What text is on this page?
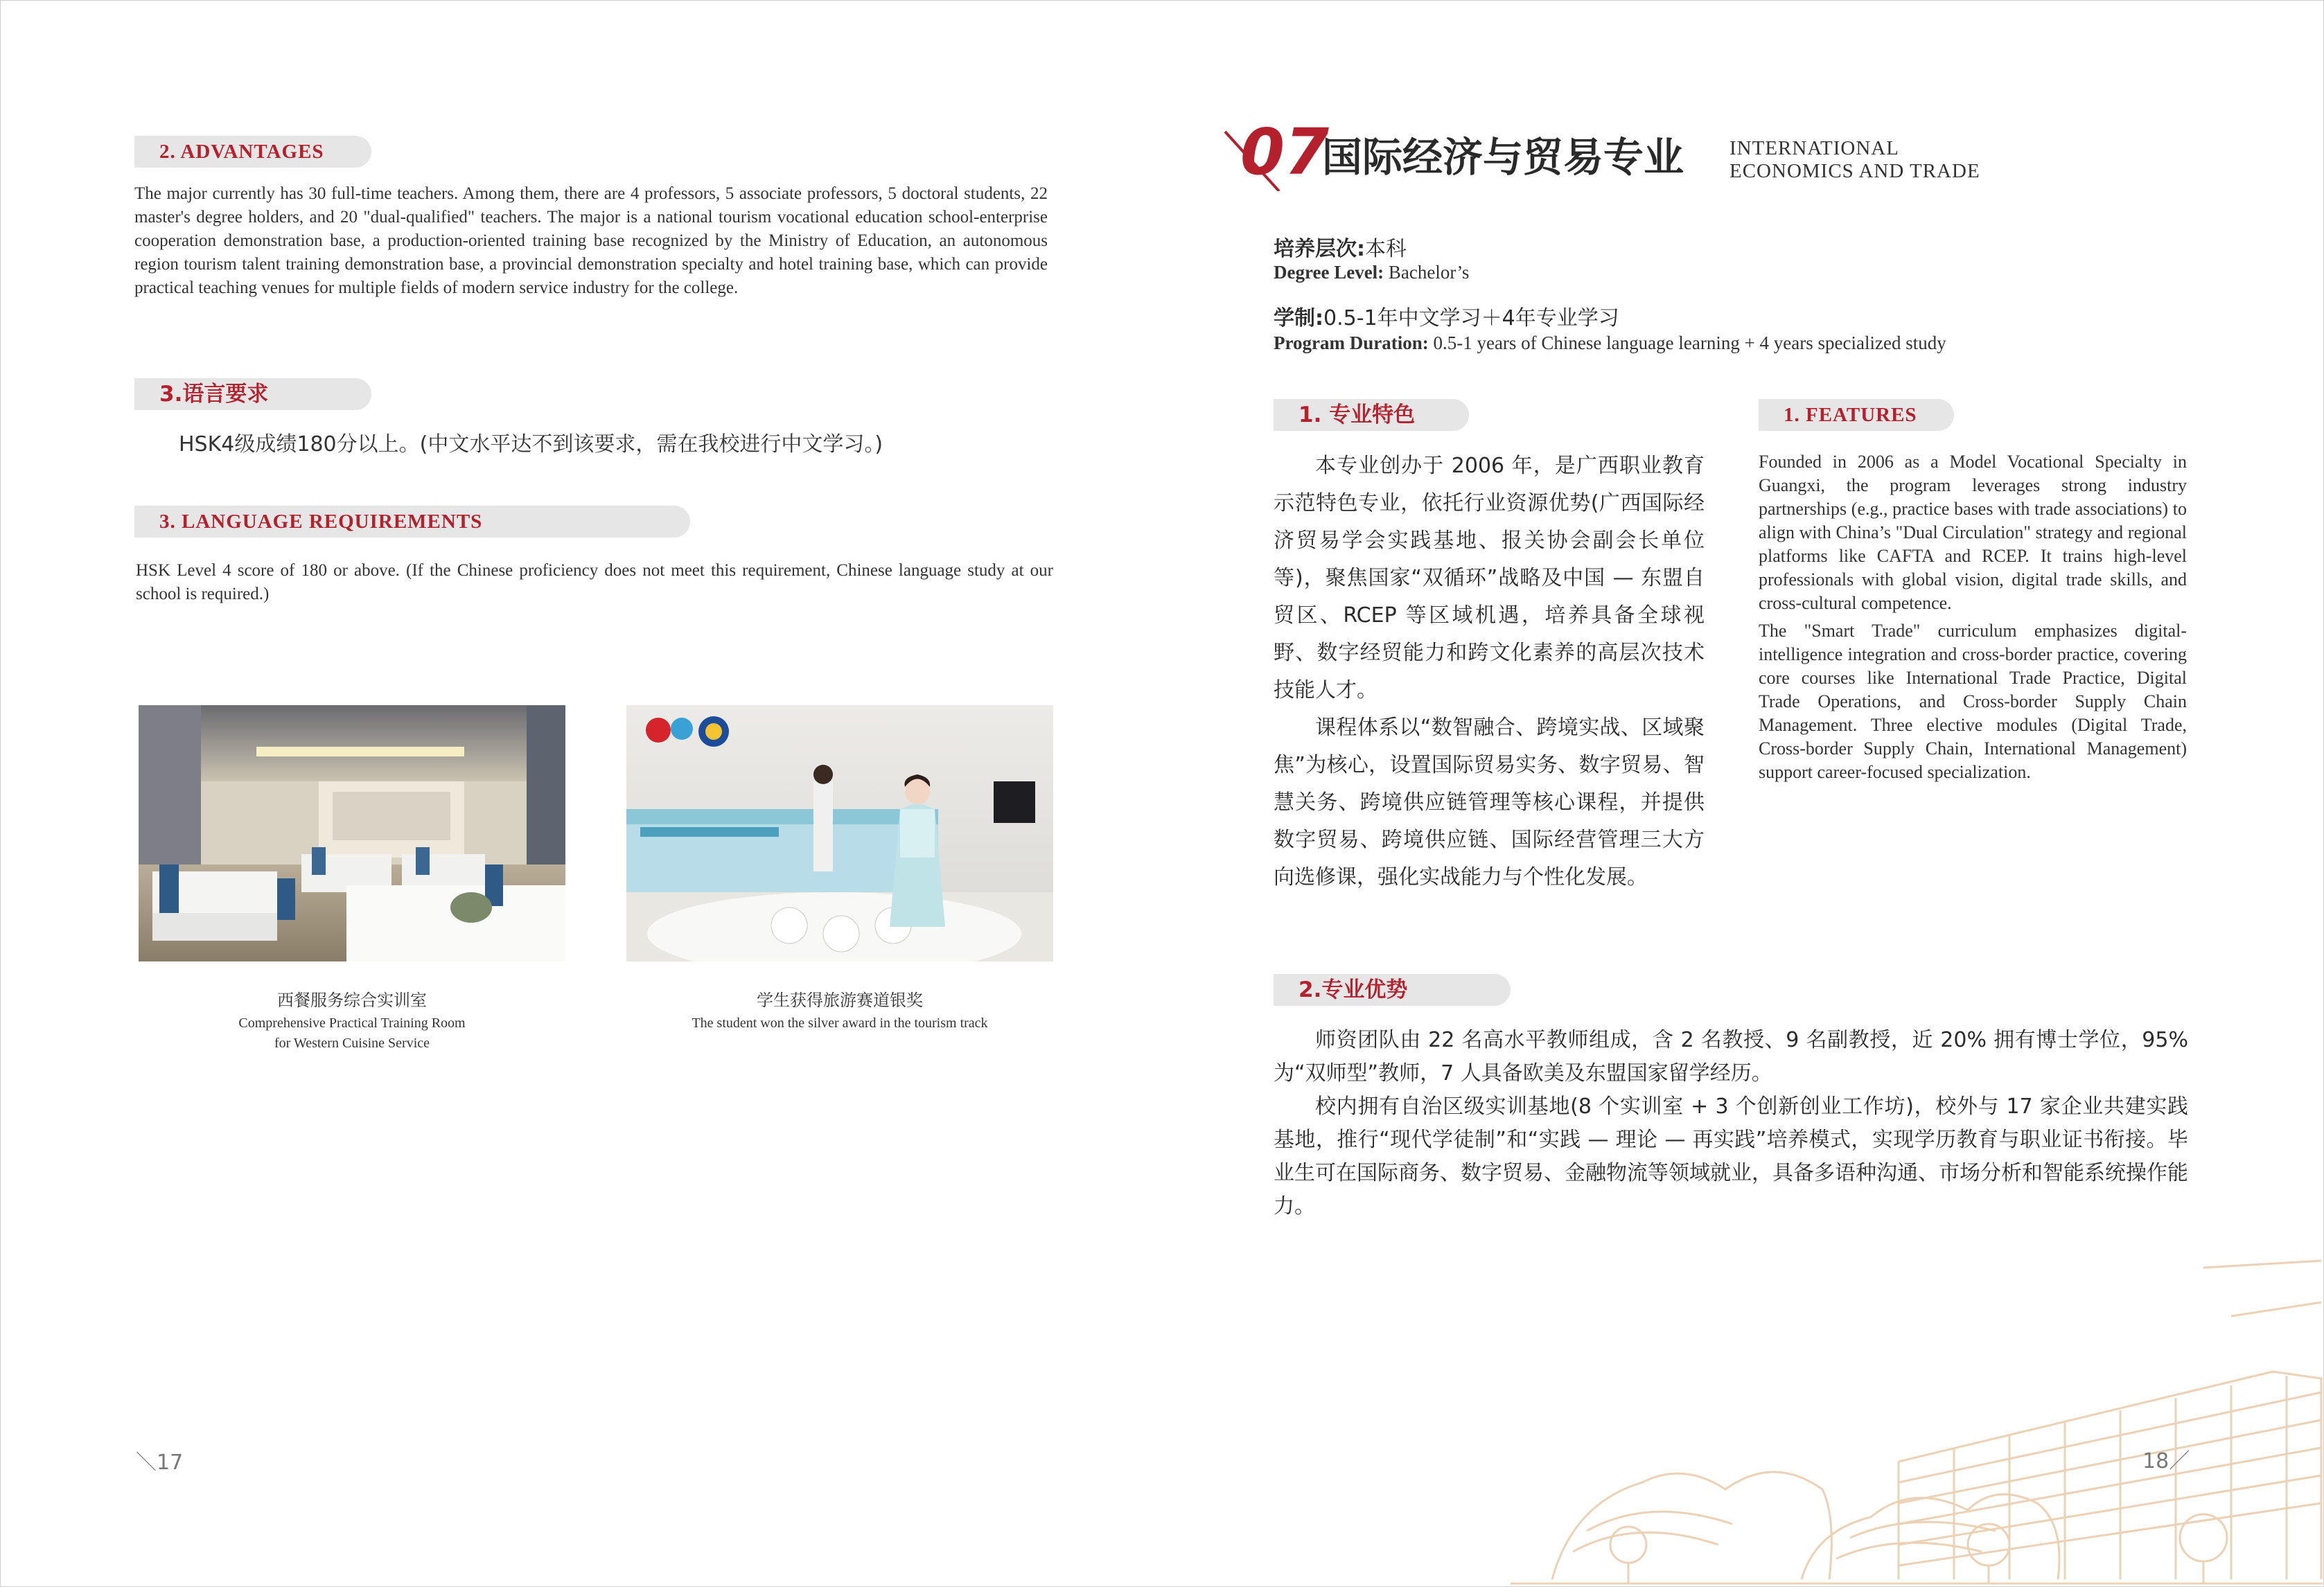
2. ADVANTAGES
The major currently has 30 full-time teachers. Among them, there are 4 professors, 5 associate professors, 5 doctoral students, 22 master's degree holders, and 20 "dual-qualified" teachers. The major is a national tourism vocational education school-enterprise cooperation demonstration base, a production-oriented training base recognized by the Ministry of Education, an autonomous region tourism talent training demonstration base, a provincial demonstration specialty and hotel training base, which can provide practical teaching venues for multiple fields of modern service industry for the college.
3.语言要求
HSK4级成绩180分以上。(中文水平达不到该要求，需在我校进行中文学习。)
3. LANGUAGE REQUIREMENTS
HSK Level 4 score of 180 or above. (If the Chinese proficiency does not meet this requirement, Chinese language study at our school is required.)
西餐服务综合实训室
Comprehensive Practical Training Room
for Western Cuisine Service
学生获得旅游赛道银奖
The student won the silver award in the tourism track
＼17
07
国际经济与贸易专业 INTERNATIONAL
ECONOMICS AND TRADE
培养层次:本科
Degree Level: Bachelor’s
学制:0.5-1年中文学习＋4年专业学习
Program Duration: 0.5-1 years of Chinese language learning + 4 years specialized study
1. 专业特色

本专业创办于 2006 年，是广西职业教育示范特色专业，依托行业资源优势(广西国际经济贸易学会实践基地、报关协会副会长单位等)，聚焦国家“双循环”战略及中国 — 东盟自贸区、RCEP 等区域机遇，培养具备全球视野、数字经贸能力和跨文化素养的高层次技术技能人才。

课程体系以“数智融合、跨境实战、区域聚焦”为核心，设置国际贸易实务、数字贸易、智慧关务、跨境供应链管理等核心课程，并提供数字贸易、跨境供应链、国际经营管理三大方向选修课，强化实战能力与个性化发展。

1. FEATURES
Founded in 2006 as a Model Vocational Specialty in Guangxi, the program leverages strong industry partnerships (e.g., practice bases with trade associations) to align with China’s "Dual Circulation" strategy and regional platforms like CAFTA and RCEP. It trains high-level professionals with global vision, digital trade skills, and cross-cultural competence.
The "Smart Trade" curriculum emphasizes digital-intelligence integration and cross-border practice, covering core courses like International Trade Practice, Digital Trade Operations, and Cross-border Supply Chain Management. Three elective modules (Digital Trade, Cross-border Supply Chain, International Management) support career-focused specialization.
2.专业优势

师资团队由 22 名高水平教师组成，含 2 名教授、9 名副教授，近 20% 拥有博士学位，95% 为“双师型”教师，7 人具备欧美及东盟国家留学经历。

校内拥有自治区级实训基地(8 个实训室 + 3 个创新创业工作坊)，校外与 17 家企业共建实践基地，推行“现代学徒制”和“实践 — 理论 — 再实践”培养模式，实现学历教育与职业证书衔接。毕业生可在国际商务、数字贸易、金融物流等领域就业，具备多语种沟通、市场分析和智能系统操作能力。

18／
